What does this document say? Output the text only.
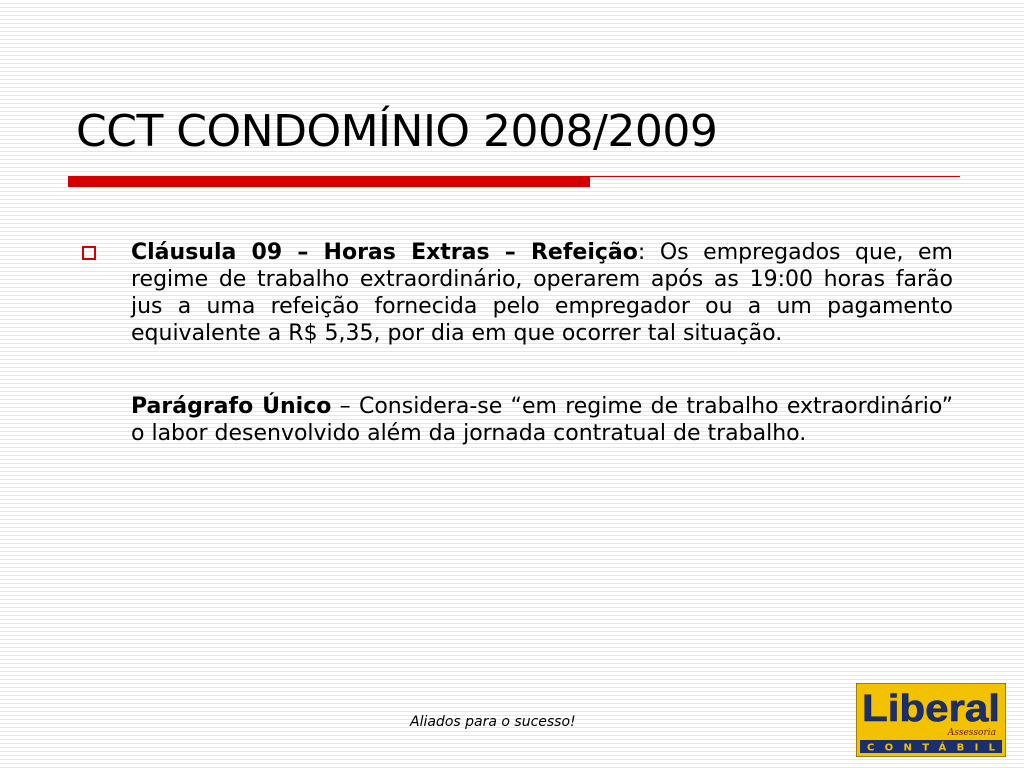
CCT CONDOMÍNIO 2008/2009

Cláusula 09 – Horas Extras – Refeição: Os empregados que, em regime de trabalho extraordinário, operarem após as 19:00 horas farão jus a uma refeição fornecida pelo empregador ou a um pagamento equivalente a R$ 5,35, por dia em que ocorrer tal situação.

Parágrafo Único – Considera-se “em regime de trabalho extraordinário” o labor desenvolvido além da jornada contratual de trabalho.

Aliados para o sucesso!	Liberal
Assessoria
CONTÁBIL
